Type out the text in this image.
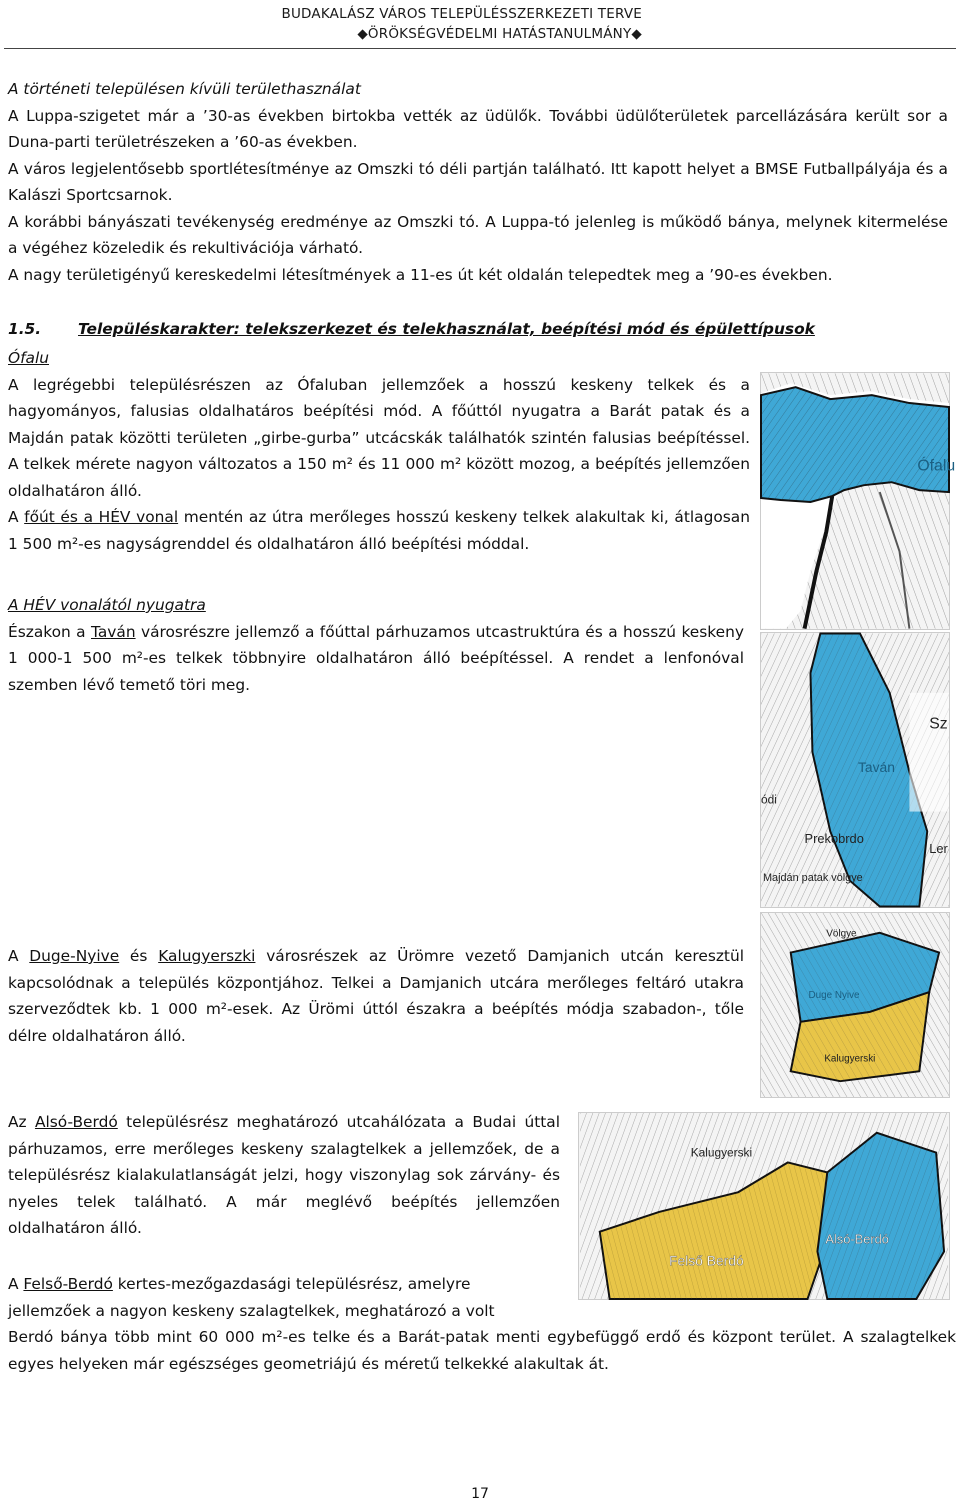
BUDAKALÁSZ VÁROS TELEPÜLÉSSZERKEZETI TERVE
◆ÖRÖKSÉGVÉDELMI HATÁSTANULMÁNY◆

A történeti településen kívüli területhasználat

A Luppa-szigetet már a ’30-as években birtokba vették az üdülők. További üdülőterületek parcellázására került sor a Duna-parti területrészeken a ’60-as években.

A város legjelentősebb sportlétesítménye az Omszki tó déli partján található. Itt kapott helyet a BMSE Futballpályája és a Kalászi Sportcsarnok.

A korábbi bányászati tevékenység eredménye az Omszki tó. A Luppa-tó jelenleg is működő bánya, melynek kitermelése a végéhez közeledik és rekultivációja várható.

A nagy területigényű kereskedelmi létesítmények a 11-es út két oldalán telepedtek meg a ’90-es években.

1.5. Településkarakter: telekszerkezet és telekhasználat, beépítési mód és épülettípusok

Ófalu

A legrégebbi településrészen az Ófaluban jellemzőek a hosszú keskeny telkek és a hagyományos, falusias oldalhatáros beépítési mód. A főúttól nyugatra a Barát patak és a Majdán patak közötti területen „girbe-gurba” utcácskák találhatók szintén falusias beépítéssel. A telkek mérete nagyon változatos a 150 m² és 11 000 m² között mozog, a beépítés jellemzően oldalhatáron álló.

A főút és a HÉV vonal mentén az útra merőleges hosszú keskeny telkek alakultak ki, átlagosan 1 500 m²-es nagyságrenddel és oldalhatáron álló beépítési móddal.

A HÉV vonalától nyugatra

Északon a Taván városrészre jellemző a főúttal párhuzamos utcastruktúra és a hosszú keskeny 1 000-1 500 m²-es telkek többnyire oldalhatáron álló beépítéssel. A rendet a lenfonóval szemben lévő temető töri meg.

A Duge-Nyive és Kalugyerszki városrészek az Ürömre vezető Damjanich utcán keresztül kapcsolódnak a település központjához. Telkei a Damjanich utcára merőleges feltáró utakra szerveződtek kb. 1 000 m²-esek. Az Ürömi úttól északra a beépítés módja szabadon-, tőle délre oldalhatáron álló.

Az Alsó-Berdó településrész meghatározó utcahálózata a Budai úttal párhuzamos, erre merőleges keskeny szalagtelkek a jellemzőek, de a településrész kialakulatlanságát jelzi, hogy viszonylag sok zárvány- és nyeles telek található. A már meglévő beépítés jellemzően oldalhatáron álló.

A Felső-Berdó kertes-mezőgazdasági településrész, amelyre

jellemzőek a nagyon keskeny szalagtelkek, meghatározó a volt

Berdó bánya több mint 60 000 m²-es telke és a Barát-patak menti egybefüggő erdő és központ terület. A szalagtelkek egyes helyeken már egészséges geometriájú és méretű telkekké alakultak át.

Ófalu
Sz
Taván
Prekobrdo
Majdán patak völgye
Ler
ódi
Völgye
Duge Nyive
Kalugyerski
Kalugyerski
Felső Berdó
Alsó-Berdó
17
